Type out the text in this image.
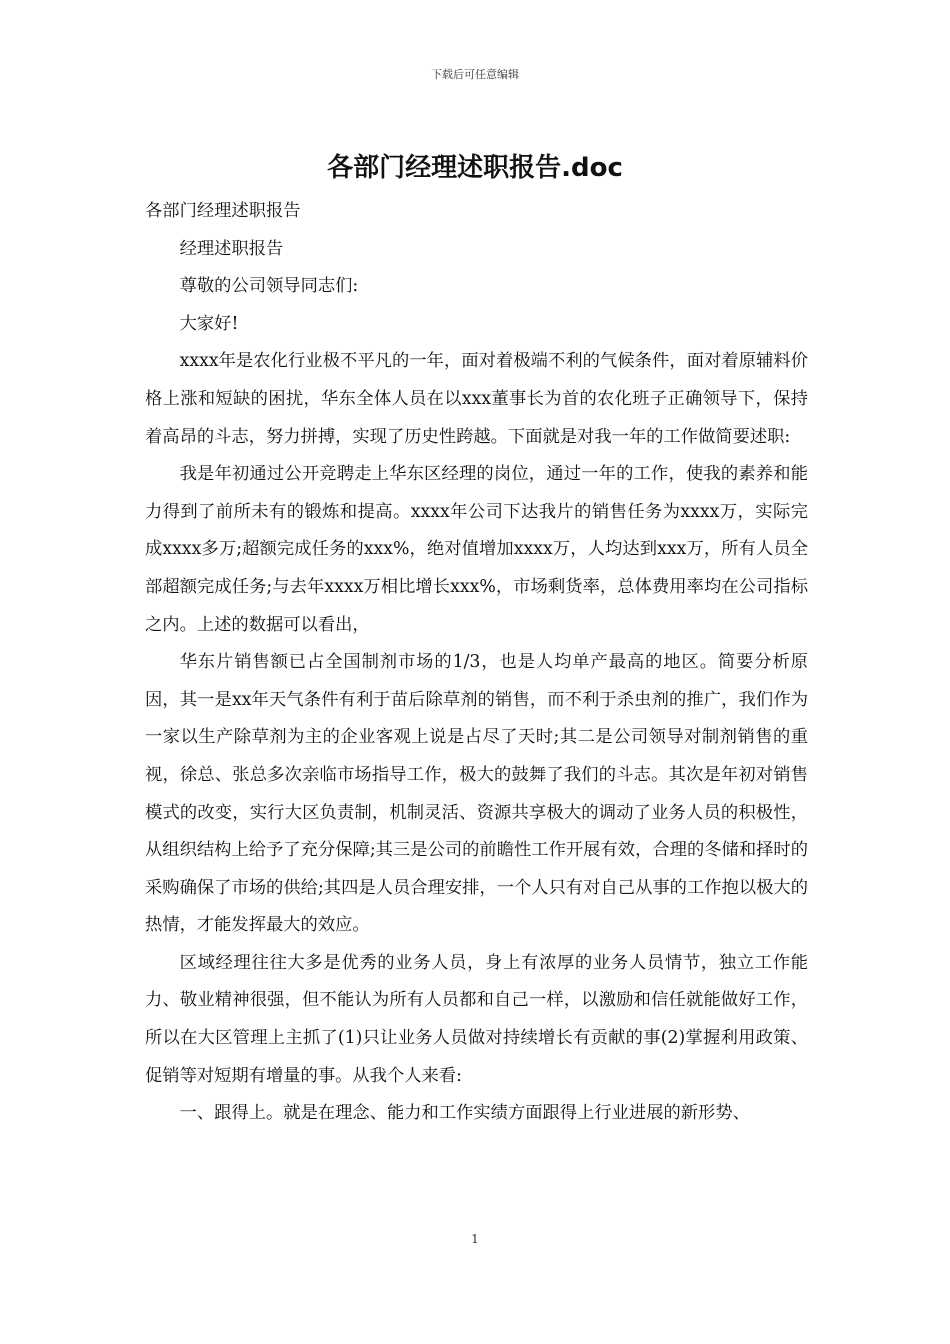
下载后可任意编辑
各部门经理述职报告.doc

各部门经理述职报告

经理述职报告

尊敬的公司领导同志们:

大家好!

xxxx年是农化行业极不平凡的一年，面对着极端不利的气候条件，面对着原辅料价格上涨和短缺的困扰，华东全体人员在以xxx董事长为首的农化班子正确领导下，保持着高昂的斗志，努力拼搏，实现了历史性跨越。下面就是对我一年的工作做简要述职:

我是年初通过公开竞聘走上华东区经理的岗位，通过一年的工作，使我的素养和能力得到了前所未有的锻炼和提高。xxxx年公司下达我片的销售任务为xxxx万，实际完成xxxx多万;超额完成任务的xxx%，绝对值增加xxxx万，人均达到xxx万，所有人员全部超额完成任务;与去年xxxx万相比增长xxx%，市场剩货率，总体费用率均在公司指标之内。上述的数据可以看出，

华东片销售额已占全国制剂市场的1/3，也是人均单产最高的地区。简要分析原因，其一是xx年天气条件有利于苗后除草剂的销售，而不利于杀虫剂的推广，我们作为一家以生产除草剂为主的企业客观上说是占尽了天时;其二是公司领导对制剂销售的重视，徐总、张总多次亲临市场指导工作，极大的鼓舞了我们的斗志。其次是年初对销售模式的改变，实行大区负责制，机制灵活、资源共享极大的调动了业务人员的积极性，从组织结构上给予了充分保障;其三是公司的前瞻性工作开展有效，合理的冬储和择时的采购确保了市场的供给;其四是人员合理安排，一个人只有对自己从事的工作抱以极大的热情，才能发挥最大的效应。

区域经理往往大多是优秀的业务人员，身上有浓厚的业务人员情节，独立工作能力、敬业精神很强，但不能认为所有人员都和自己一样，以激励和信任就能做好工作，所以在大区管理上主抓了(1)只让业务人员做对持续增长有贡献的事(2)掌握利用政策、促销等对短期有增量的事。从我个人来看:

一、跟得上。就是在理念、能力和工作实绩方面跟得上行业进展的新形势、

1
